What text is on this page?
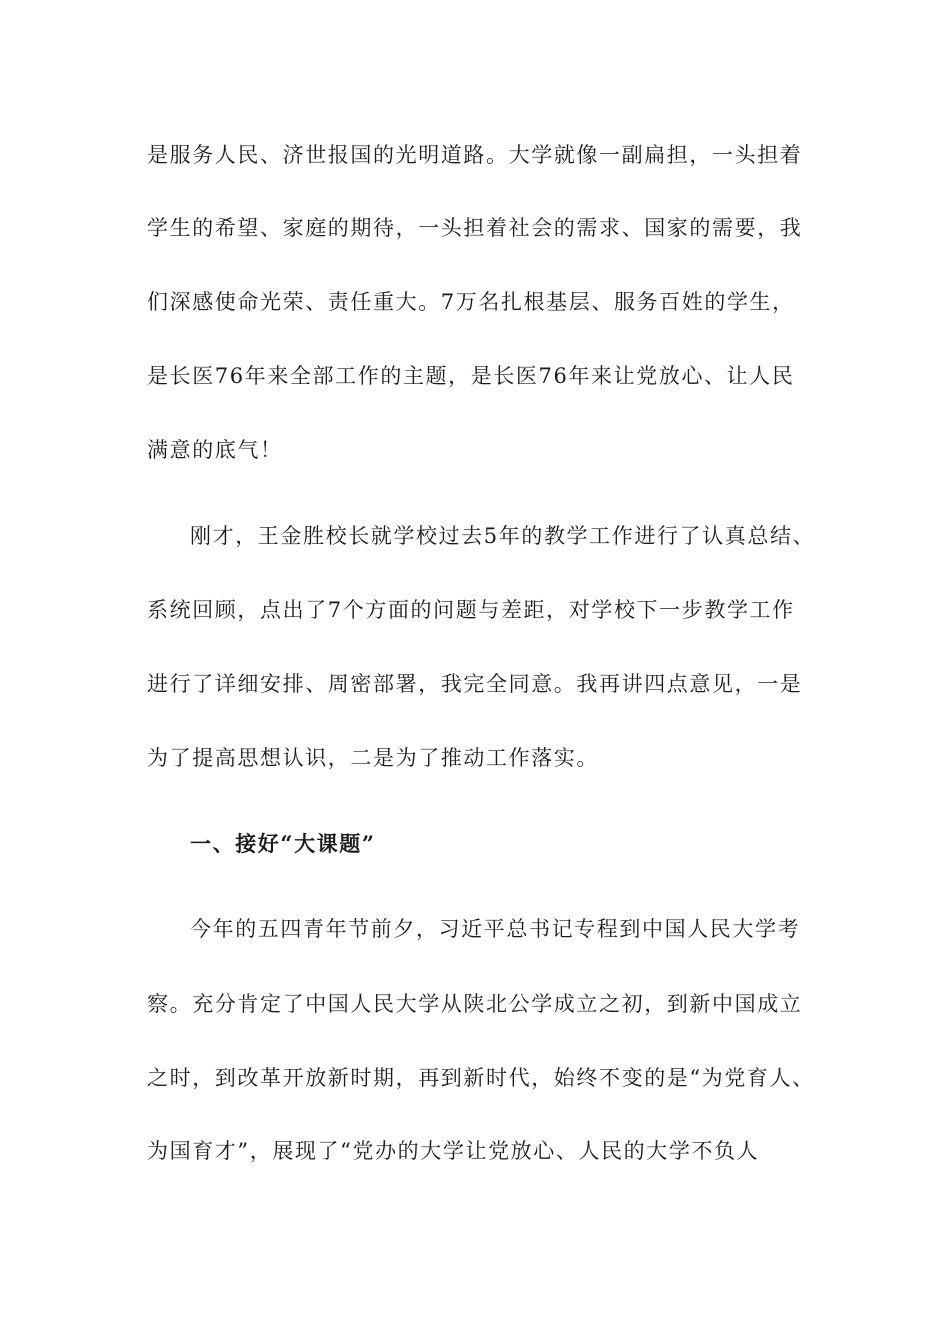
是服务人民、济世报国的光明道路。大学就像一副扁担，一头担着
学生的希望、家庭的期待，一头担着社会的需求、国家的需要，我
们深感使命光荣、责任重大。7万名扎根基层、服务百姓的学生，
是长医76年来全部工作的主题，是长医76年来让党放心、让人民
满意的底气！
刚才，王金胜校长就学校过去5年的教学工作进行了认真总结、
系统回顾，点出了7个方面的问题与差距，对学校下一步教学工作
进行了详细安排、周密部署，我完全同意。我再讲四点意见，一是
为了提高思想认识，二是为了推动工作落实。
一、接好“大课题”
今年的五四青年节前夕，习近平总书记专程到中国人民大学考
察。充分肯定了中国人民大学从陕北公学成立之初，到新中国成立
之时，到改革开放新时期，再到新时代，始终不变的是“为党育人、
为国育才”，展现了“党办的大学让党放心、人民的大学不负人
